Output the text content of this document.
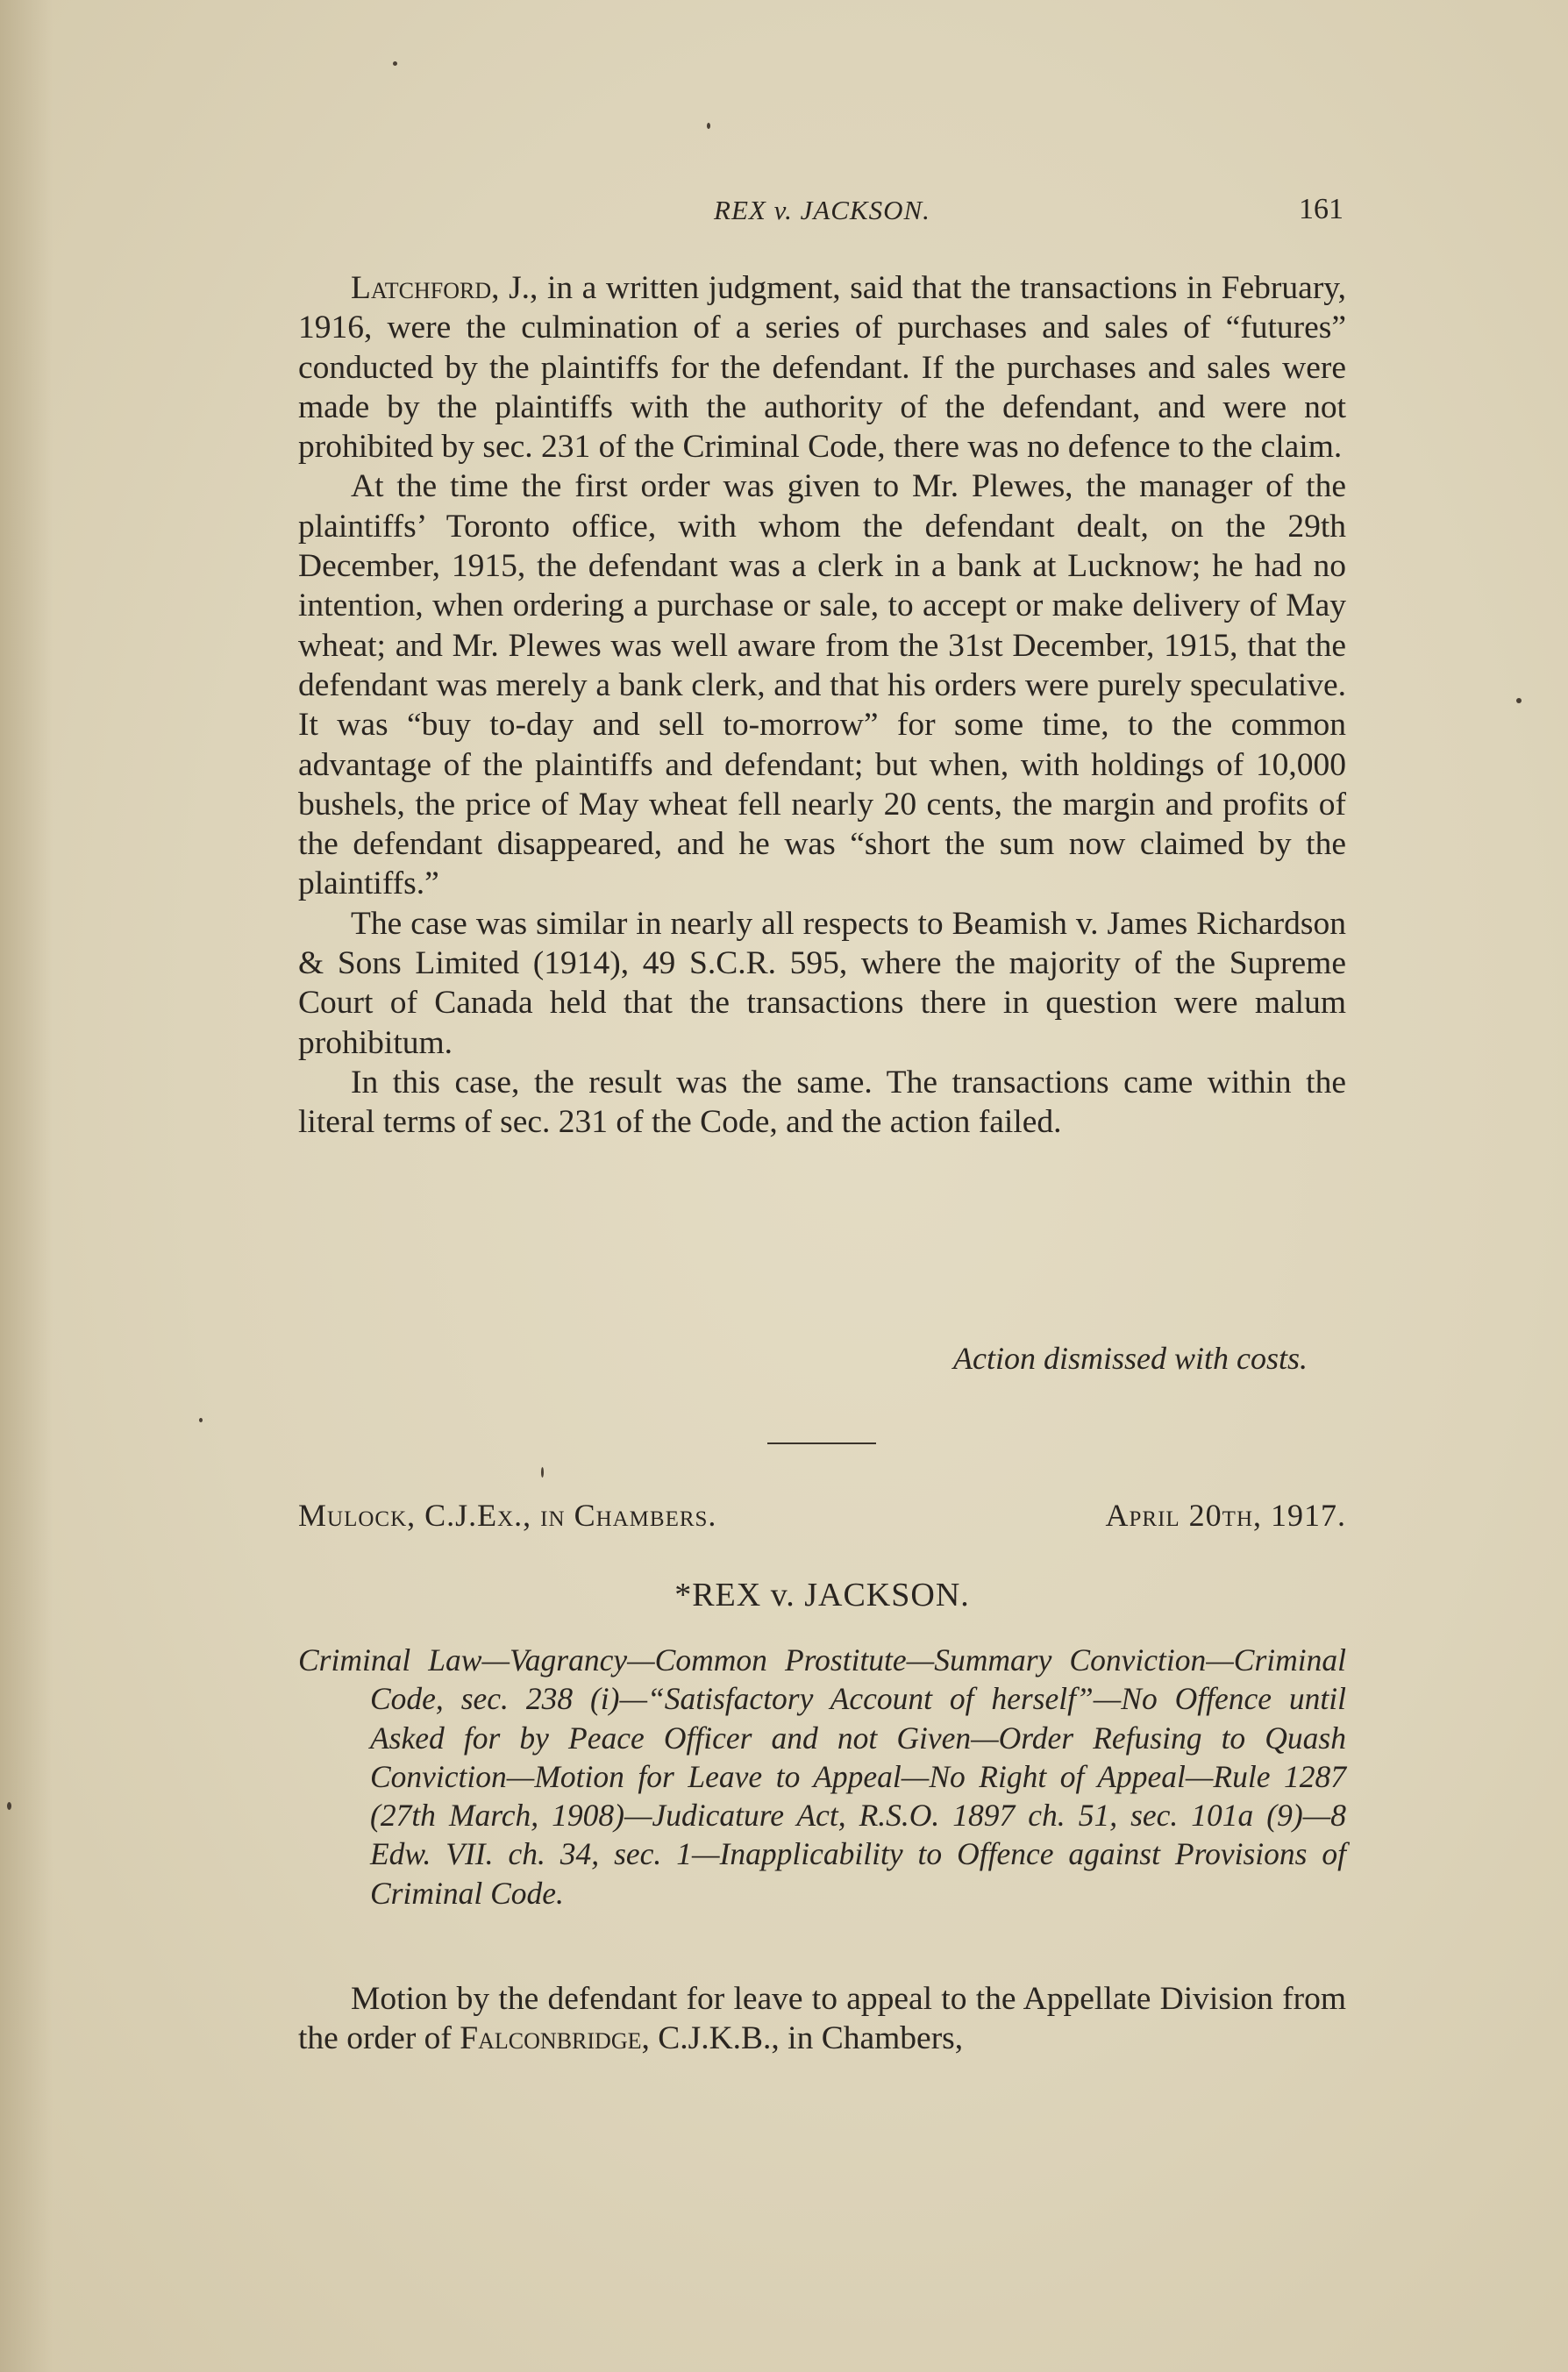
REX v. JACKSON.	161

Latchford, J., in a written judgment, said that the transactions in February, 1916, were the culmination of a series of purchases and sales of “futures” conducted by the plaintiffs for the defendant. If the purchases and sales were made by the plaintiffs with the authority of the defendant, and were not prohibited by sec. 231 of the Criminal Code, there was no defence to the claim.

At the time the first order was given to Mr. Plewes, the manager of the plaintiffs’ Toronto office, with whom the defendant dealt, on the 29th December, 1915, the defendant was a clerk in a bank at Lucknow; he had no intention, when ordering a purchase or sale, to accept or make delivery of May wheat; and Mr. Plewes was well aware from the 31st December, 1915, that the defendant was merely a bank clerk, and that his orders were purely speculative. It was “buy to-day and sell to-morrow” for some time, to the common advantage of the plaintiffs and defendant; but when, with holdings of 10,000 bushels, the price of May wheat fell nearly 20 cents, the margin and profits of the defendant disappeared, and he was “short the sum now claimed by the plaintiffs.”

The case was similar in nearly all respects to Beamish v. James Richardson & Sons Limited (1914), 49 S.C.R. 595, where the majority of the Supreme Court of Canada held that the transactions there in question were malum prohibitum.

In this case, the result was the same. The transactions came within the literal terms of sec. 231 of the Code, and the action failed.

Action dismissed with costs.
Mulock, C.J.Ex., in Chambers.	April 20th, 1917.
*REX v. JACKSON.
Criminal Law—Vagrancy—Common Prostitute—Summary Conviction—Criminal Code, sec. 238 (i)—“Satisfactory Account of herself”—No Offence until Asked for by Peace Officer and not Given—Order Refusing to Quash Conviction—Motion for Leave to Appeal—No Right of Appeal—Rule 1287 (27th March, 1908)—Judicature Act, R.S.O. 1897 ch. 51, sec. 101a (9)—8 Edw. VII. ch. 34, sec. 1—Inapplicability to Offence against Provisions of Criminal Code.

Motion by the defendant for leave to appeal to the Appellate Division from the order of Falconbridge, C.J.K.B., in Chambers,
